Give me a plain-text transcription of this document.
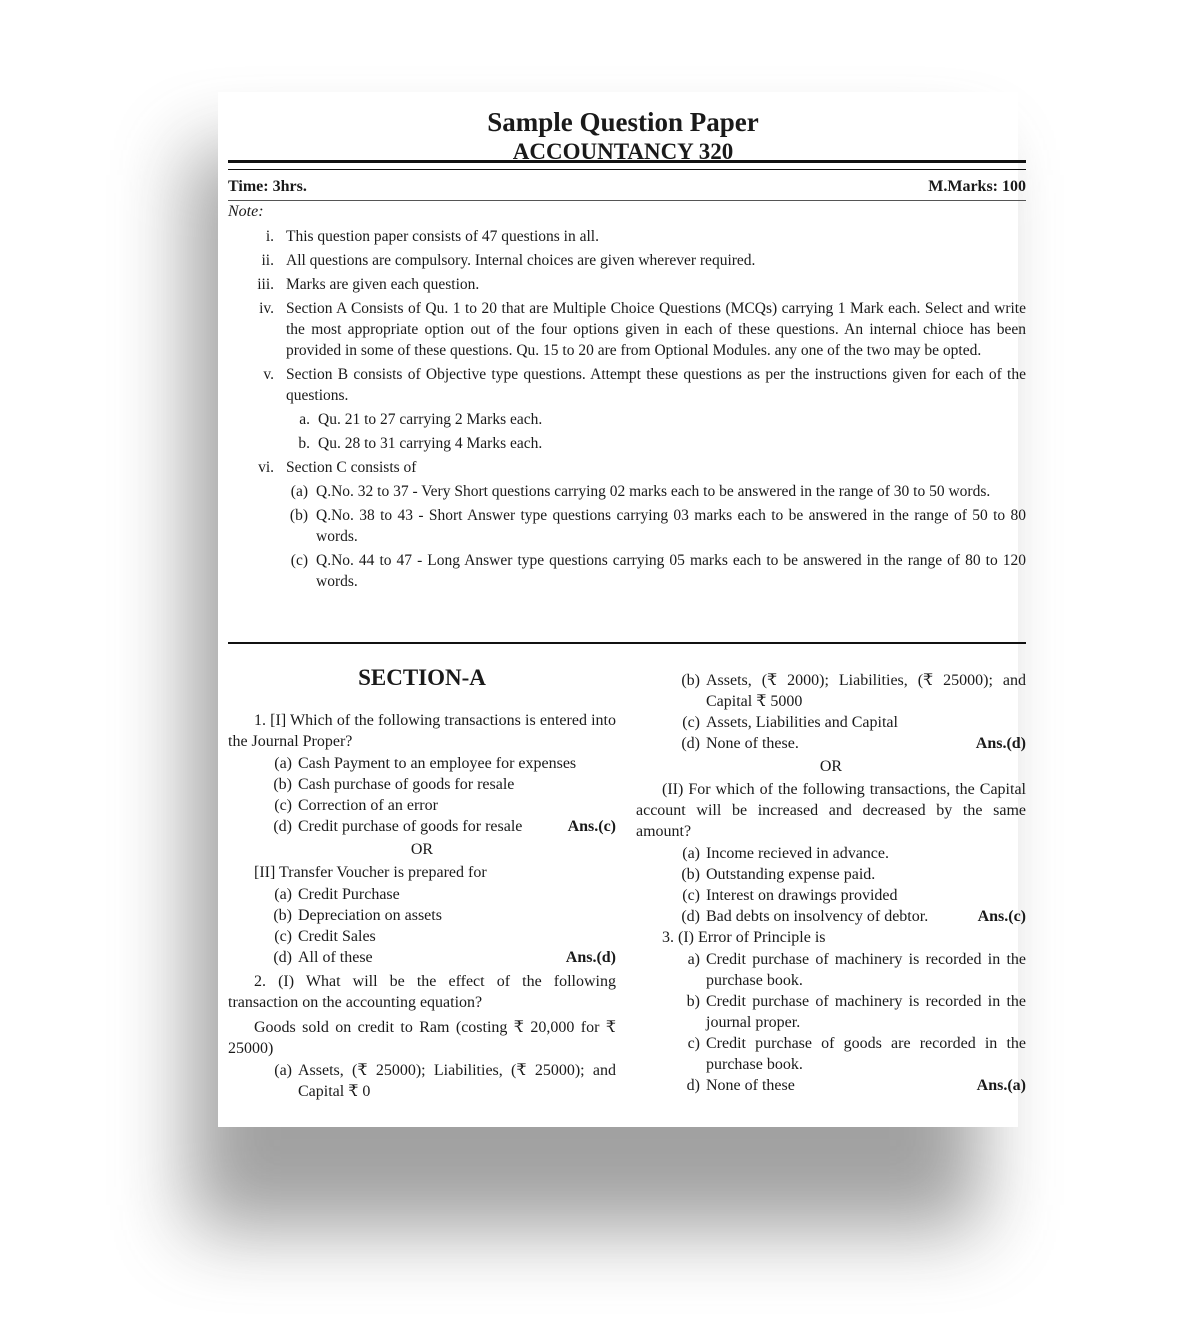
Sample Question Paper
ACCOUNTANCY 320
Time: 3hrs.	M.Marks: 100
Note:
i. This question paper consists of 47 questions in all.
ii. All questions are compulsory. Internal choices are given wherever required.
iii. Marks are given each question.
iv. Section A Consists of Qu. 1 to 20 that are Multiple Choice Questions (MCQs) carrying 1 Mark each. Select and write the most appropriate option out of the four options given in each of these questions. An internal chioce has been provided in some of these questions. Qu. 15 to 20 are from Optional Modules. any one of the two may be opted.
v. Section B consists of Objective type questions. Attempt these questions as per the instructions given for each of the questions.
a. Qu. 21 to 27 carrying 2 Marks each.
b. Qu. 28 to 31 carrying 4 Marks each.
vi. Section C consists of
(a) Q.No. 32 to 37 - Very Short questions carrying 02 marks each to be answered in the range of 30 to 50 words.
(b) Q.No. 38 to 43 - Short Answer type questions carrying 03 marks each to be answered in the range of 50 to 80 words.
(c) Q.No. 44 to 47 - Long Answer type questions carrying 05 marks each to be answered in the range of 80 to 120 words.
SECTION-A

1. [I] Which of the following transactions is entered into the Journal Proper?

(a) Cash Payment to an employee for expenses
(b) Cash purchase of goods for resale
(c) Correction of an error
(d) Credit purchase of goods for resale	Ans.(c)
OR

[II] Transfer Voucher is prepared for

(a) Credit Purchase
(b) Depreciation on assets
(c) Credit Sales
(d) All of these	Ans.(d)

2. (I) What will be the effect of the following transaction on the accounting equation?

Goods sold on credit to Ram (costing ₹ 20,000 for ₹ 25000)

(a) Assets, (₹ 25000); Liabilities, (₹ 25000); and Capital ₹ 0
(b) Assets, (₹ 2000); Liabilities, (₹ 25000); and Capital ₹ 5000
(c) Assets, Liabilities and Capital
(d) None of these.	Ans.(d)
OR

(II) For which of the following transactions, the Capital account will be increased and decreased by the same amount?

(a) Income recieved in advance.
(b) Outstanding expense paid.
(c) Interest on drawings provided
(d) Bad debts on insolvency of debtor.	Ans.(c)

3. (I) Error of Principle is

a) Credit purchase of machinery is recorded in the purchase book.
b) Credit purchase of machinery is recorded in the journal proper.
c) Credit purchase of goods are recorded in the purchase book.
d) None of these	Ans.(a)
